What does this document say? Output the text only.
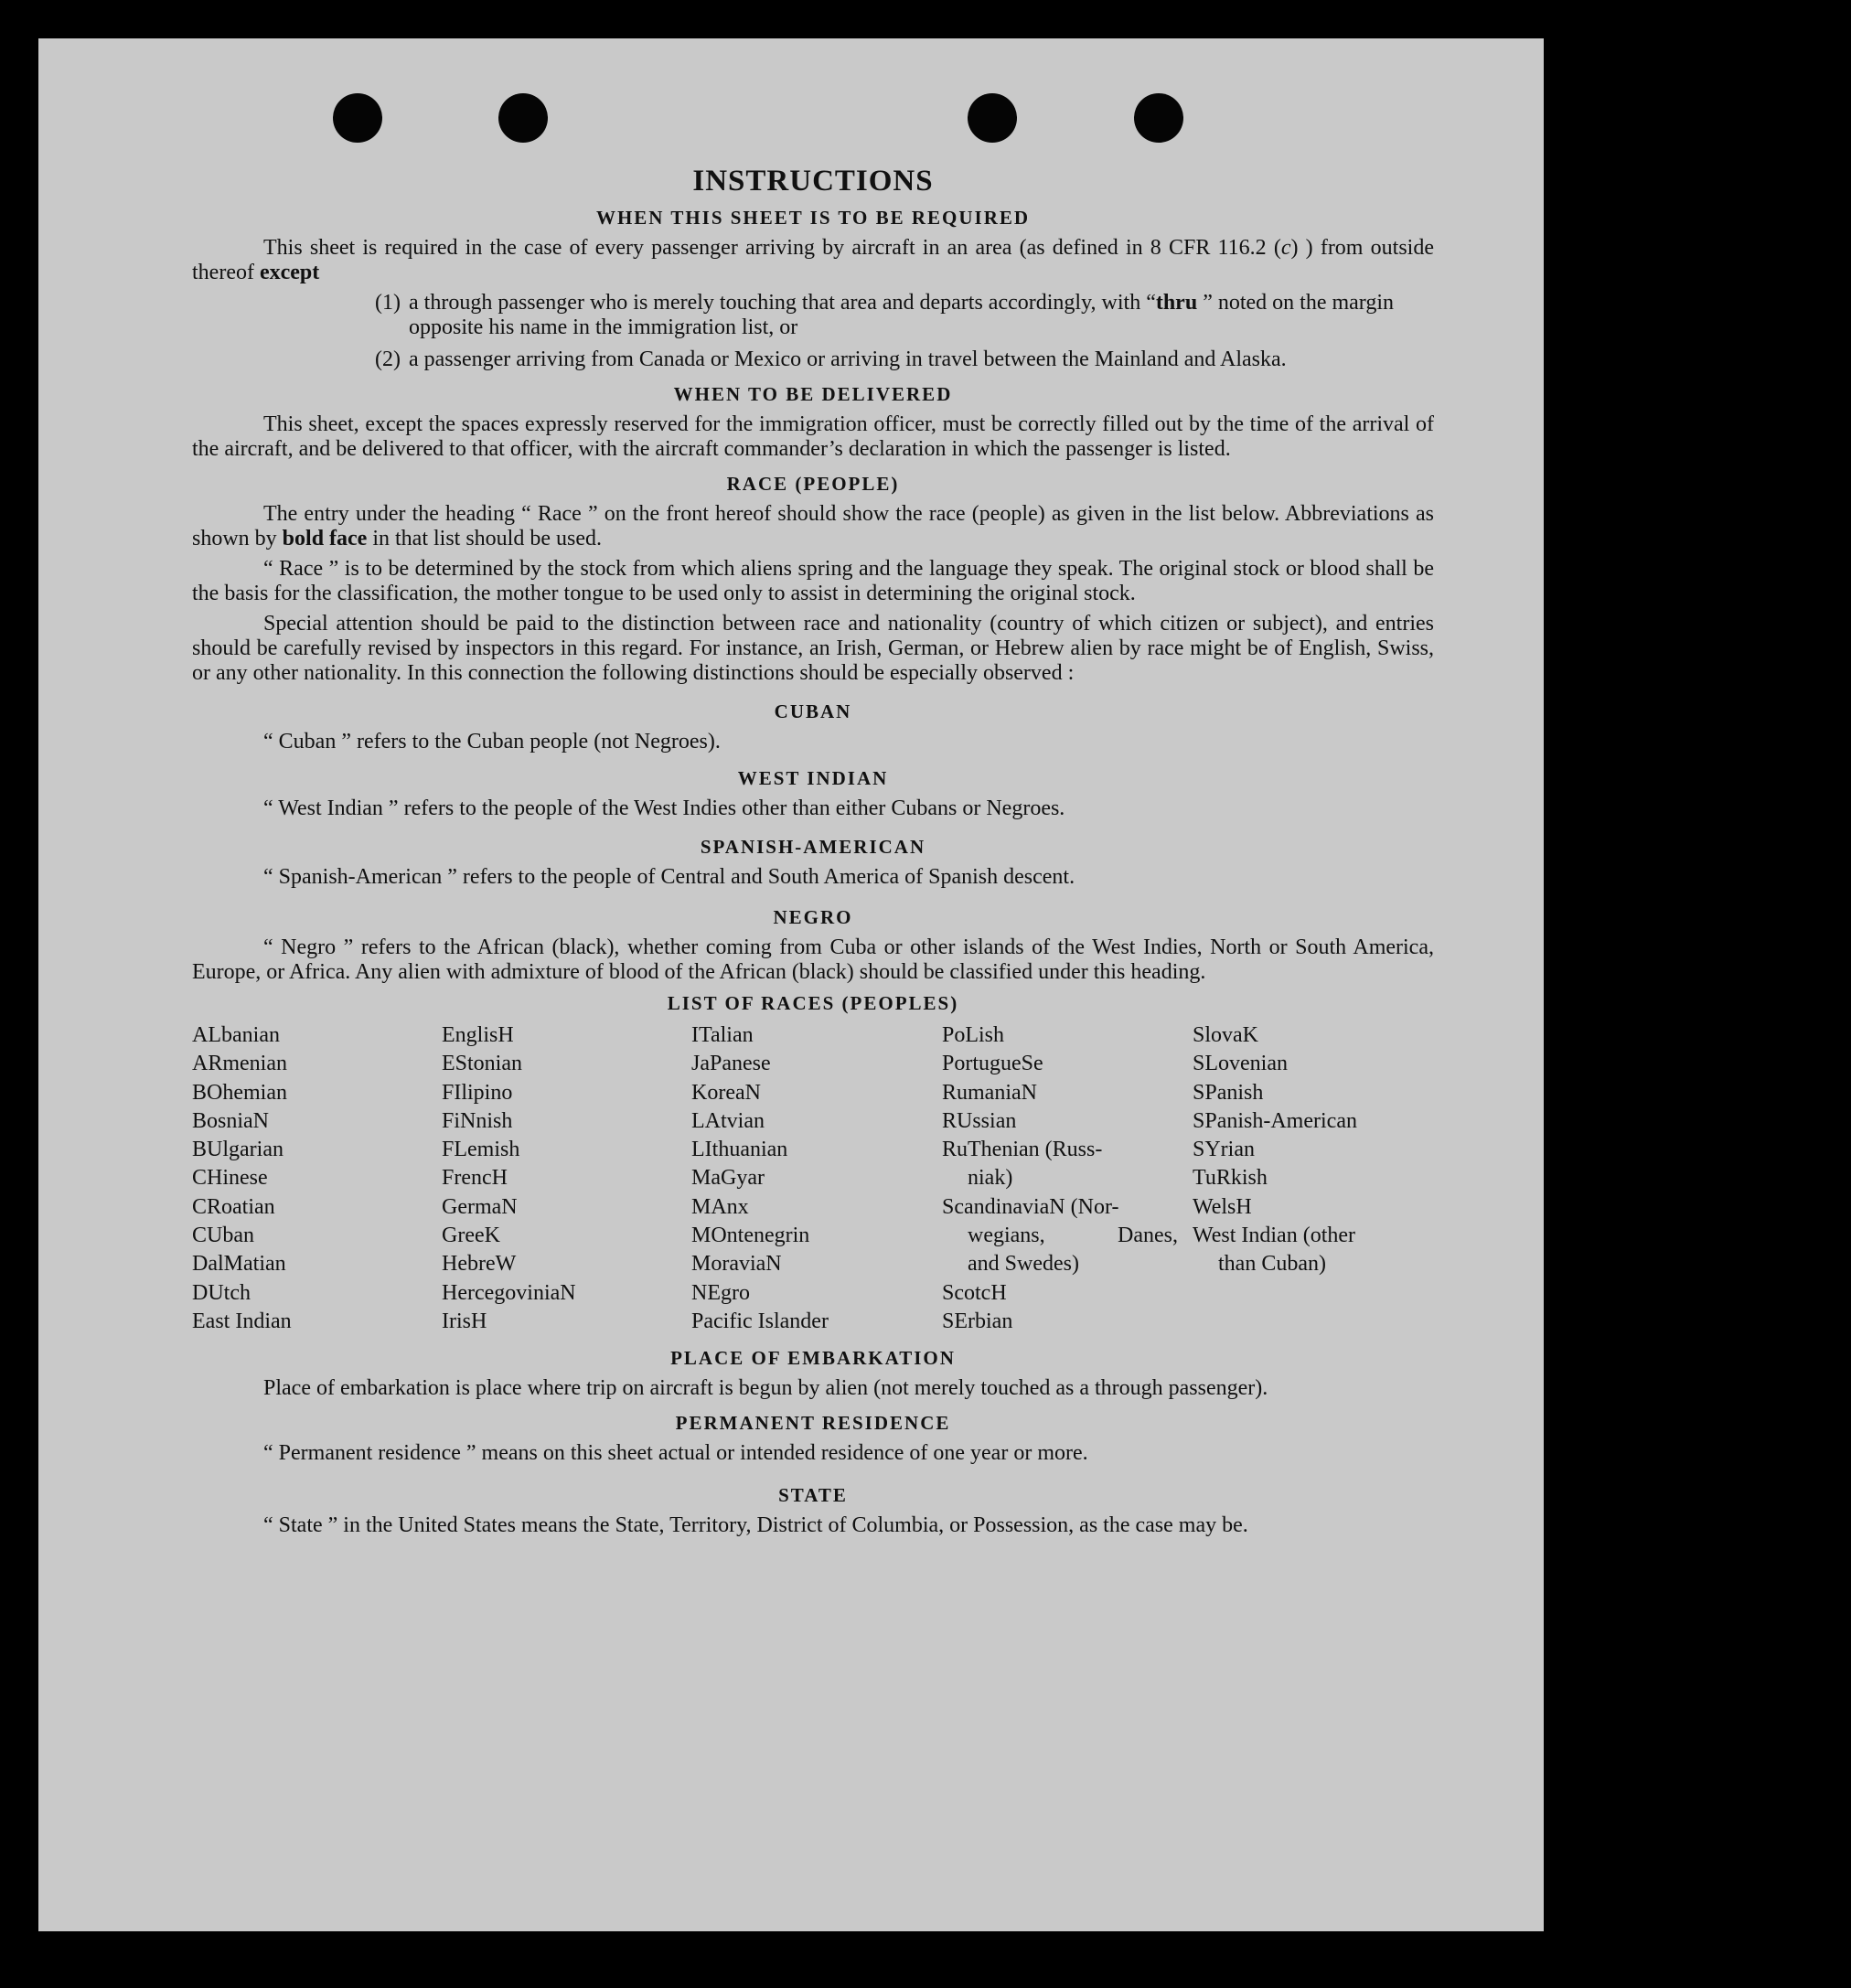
INSTRUCTIONS
WHEN THIS SHEET IS TO BE REQUIRED

This sheet is required in the case of every passenger arriving by aircraft in an area (as defined in 8 CFR 116.2 (c) ) from outside thereof except

(1) a through passenger who is merely touching that area and departs accordingly, with “thru ” noted on the margin opposite his name in the immigration list, or
(2) a passenger arriving from Canada or Mexico or arriving in travel between the Mainland and Alaska.
WHEN TO BE DELIVERED

This sheet, except the spaces expressly reserved for the immigration officer, must be correctly filled out by the time of the arrival of the aircraft, and be delivered to that officer, with the aircraft commander’s declaration in which the passenger is listed.

RACE (PEOPLE)

The entry under the heading “ Race ” on the front hereof should show the race (people) as given in the list below. Abbreviations as shown by bold face in that list should be used.

“ Race ” is to be determined by the stock from which aliens spring and the language they speak. The original stock or blood shall be the basis for the classification, the mother tongue to be used only to assist in determining the original stock.

Special attention should be paid to the distinction between race and nationality (country of which citizen or subject), and entries should be carefully revised by inspectors in this regard. For instance, an Irish, German, or Hebrew alien by race might be of English, Swiss, or any other nationality. In this connection the following distinctions should be especially observed :

CUBAN

“ Cuban ” refers to the Cuban people (not Negroes).

WEST INDIAN

“ West Indian ” refers to the people of the West Indies other than either Cubans or Negroes.

SPANISH-AMERICAN

“ Spanish-American ” refers to the people of Central and South America of Spanish descent.

NEGRO

“ Negro ” refers to the African (black), whether coming from Cuba or other islands of the West Indies, North or South America, Europe, or Africa. Any alien with admixture of blood of the African (black) should be classified under this heading.

LIST OF RACES (PEOPLES)
ALbanian
ARmenian
BOhemian
BosniaN
BUlgarian
CHinese
CRoatian
CUban
DalMatian
DUtch
East Indian
EnglisH
EStonian
FIlipino
FiNnish
FLemish
FrencH
GermaN
GreeK
HebreW
HercegoviniaN
IrisH
ITalian
JaPanese
KoreaN
LAtvian
LIthuanian
MaGyar
MAnx
MOntenegrin
MoraviaN
NEgro
Pacific Islander
PoLish
PortugueSe
RumaniaN
RUssian
RuThenian (Russ-
niak)
ScandinaviaN (Nor-
wegians,	Danes,
and Swedes)
ScotcH
SErbian
SlovaK
SLovenian
SPanish
SPanish-American
SYrian
TuRkish
WelsH
West Indian (other
than Cuban)
PLACE OF EMBARKATION

Place of embarkation is place where trip on aircraft is begun by alien (not merely touched as a through passenger).

PERMANENT RESIDENCE

“ Permanent residence ” means on this sheet actual or intended residence of one year or more.

STATE

“ State ” in the United States means the State, Territory, District of Columbia, or Possession, as the case may be.
